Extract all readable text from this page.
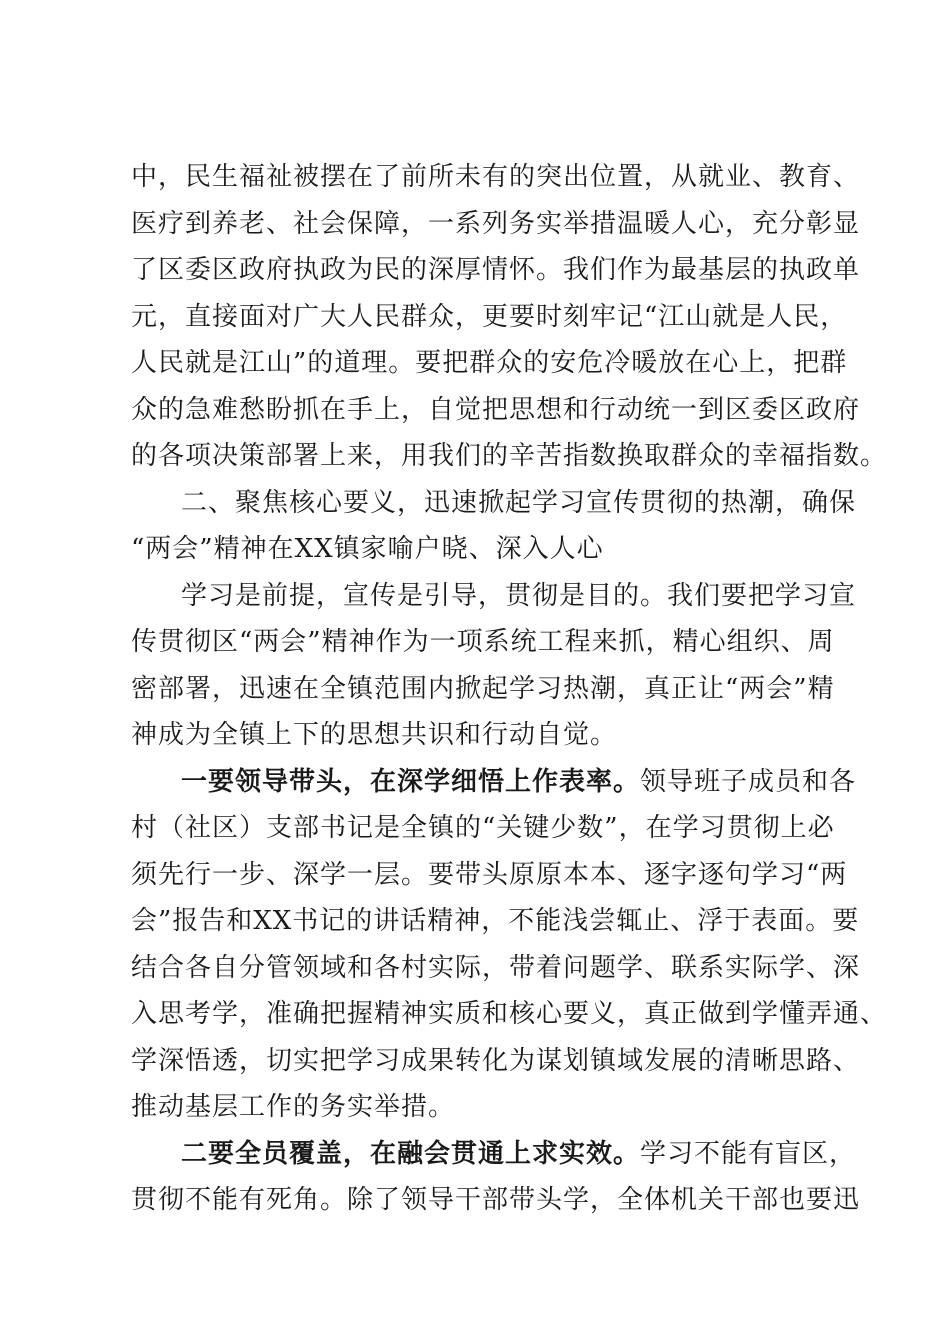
中，民生福祉被摆在了前所未有的突出位置，从就业、教育、
医疗到养老、社会保障，一系列务实举措温暖人心，充分彰显
了区委区政府执政为民的深厚情怀。我们作为最基层的执政单
元，直接面对广大人民群众，更要时刻牢记“江山就是人民，
人民就是江山”的道理。要把群众的安危冷暖放在心上，把群
众的急难愁盼抓在手上，自觉把思想和行动统一到区委区政府
的各项决策部署上来，用我们的辛苦指数换取群众的幸福指数。
二、聚焦核心要义，迅速掀起学习宣传贯彻的热潮，确保
“两会”精神在XX镇家喻户晓、深入人心
学习是前提，宣传是引导，贯彻是目的。我们要把学习宣
传贯彻区“两会”精神作为一项系统工程来抓，精心组织、周
密部署，迅速在全镇范围内掀起学习热潮，真正让“两会”精
神成为全镇上下的思想共识和行动自觉。
一要领导带头，在深学细悟上作表率。领导班子成员和各
村（社区）支部书记是全镇的“关键少数”，在学习贯彻上必
须先行一步、深学一层。要带头原原本本、逐字逐句学习“两
会”报告和XX书记的讲话精神，不能浅尝辄止、浮于表面。要
结合各自分管领域和各村实际，带着问题学、联系实际学、深
入思考学，准确把握精神实质和核心要义，真正做到学懂弄通、
学深悟透，切实把学习成果转化为谋划镇域发展的清晰思路、
推动基层工作的务实举措。
二要全员覆盖，在融会贯通上求实效。学习不能有盲区，
贯彻不能有死角。除了领导干部带头学，全体机关干部也要迅
